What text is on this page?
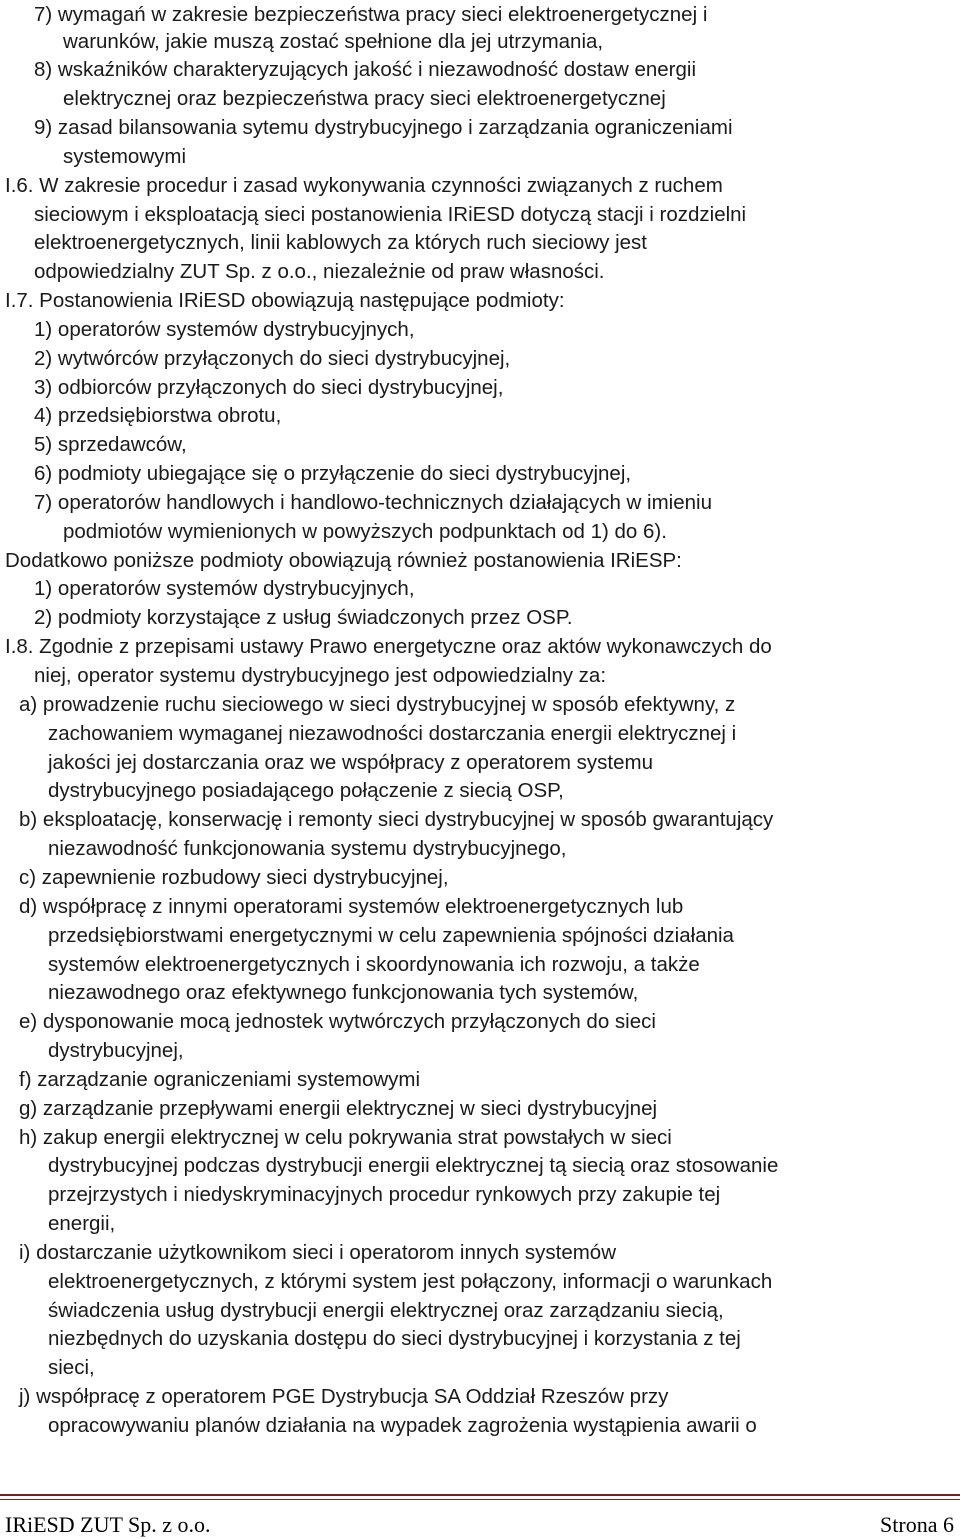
7) wymagań w zakresie bezpieczeństwa pracy sieci elektroenergetycznej i
warunków, jakie muszą zostać spełnione dla jej utrzymania,
8) wskaźników charakteryzujących jakość i niezawodność dostaw energii
elektrycznej oraz bezpieczeństwa pracy sieci elektroenergetycznej
9) zasad bilansowania sytemu dystrybucyjnego i zarządzania ograniczeniami
systemowymi
I.6. W zakresie procedur i zasad wykonywania czynności związanych z ruchem
sieciowym i eksploatacją sieci postanowienia IRiESD dotyczą stacji i rozdzielni
elektroenergetycznych, linii kablowych za których ruch sieciowy jest
odpowiedzialny ZUT Sp. z o.o., niezależnie od praw własności.
I.7. Postanowienia IRiESD obowiązują następujące podmioty:
1) operatorów systemów dystrybucyjnych,
2) wytwórców przyłączonych do sieci dystrybucyjnej,
3) odbiorców przyłączonych do sieci dystrybucyjnej,
4) przedsiębiorstwa obrotu,
5) sprzedawców,
6) podmioty ubiegające się o przyłączenie do sieci dystrybucyjnej,
7) operatorów handlowych i handlowo-technicznych działających w imieniu
podmiotów wymienionych w powyższych podpunktach od 1) do 6).
Dodatkowo poniższe podmioty obowiązują również postanowienia IRiESP:
1) operatorów systemów dystrybucyjnych,
2) podmioty korzystające z usług świadczonych przez OSP.
I.8. Zgodnie z przepisami ustawy Prawo energetyczne oraz aktów wykonawczych do
niej, operator systemu dystrybucyjnego jest odpowiedzialny za:
a) prowadzenie ruchu sieciowego w sieci dystrybucyjnej w sposób efektywny, z
zachowaniem wymaganej niezawodności dostarczania energii elektrycznej i
jakości jej dostarczania oraz we współpracy z operatorem systemu
dystrybucyjnego posiadającego połączenie z siecią OSP,
b) eksploatację, konserwację i remonty sieci dystrybucyjnej w sposób gwarantujący
niezawodność funkcjonowania systemu dystrybucyjnego,
c) zapewnienie rozbudowy sieci dystrybucyjnej,
d) współpracę z innymi operatorami systemów elektroenergetycznych lub
przedsiębiorstwami energetycznymi w celu zapewnienia spójności działania
systemów elektroenergetycznych i skoordynowania ich rozwoju, a także
niezawodnego oraz efektywnego funkcjonowania tych systemów,
e) dysponowanie mocą jednostek wytwórczych przyłączonych do sieci
dystrybucyjnej,
f) zarządzanie ograniczeniami systemowymi
g) zarządzanie przepływami energii elektrycznej w sieci dystrybucyjnej
h) zakup energii elektrycznej w celu pokrywania strat powstałych w sieci
dystrybucyjnej podczas dystrybucji energii elektrycznej tą siecią oraz stosowanie
przejrzystych i niedyskryminacyjnych procedur rynkowych przy zakupie tej
energii,
i) dostarczanie użytkownikom sieci i operatorom innych systemów
elektroenergetycznych, z którymi system jest połączony, informacji o warunkach
świadczenia usług dystrybucji energii elektrycznej oraz zarządzaniu siecią,
niezbędnych do uzyskania dostępu do sieci dystrybucyjnej i korzystania z tej
sieci,
j) współpracę z operatorem PGE Dystrybucja SA Oddział Rzeszów przy
opracowywaniu planów działania na wypadek zagrożenia wystąpienia awarii o
IRiESD ZUT Sp. z o.o.	Strona 6
